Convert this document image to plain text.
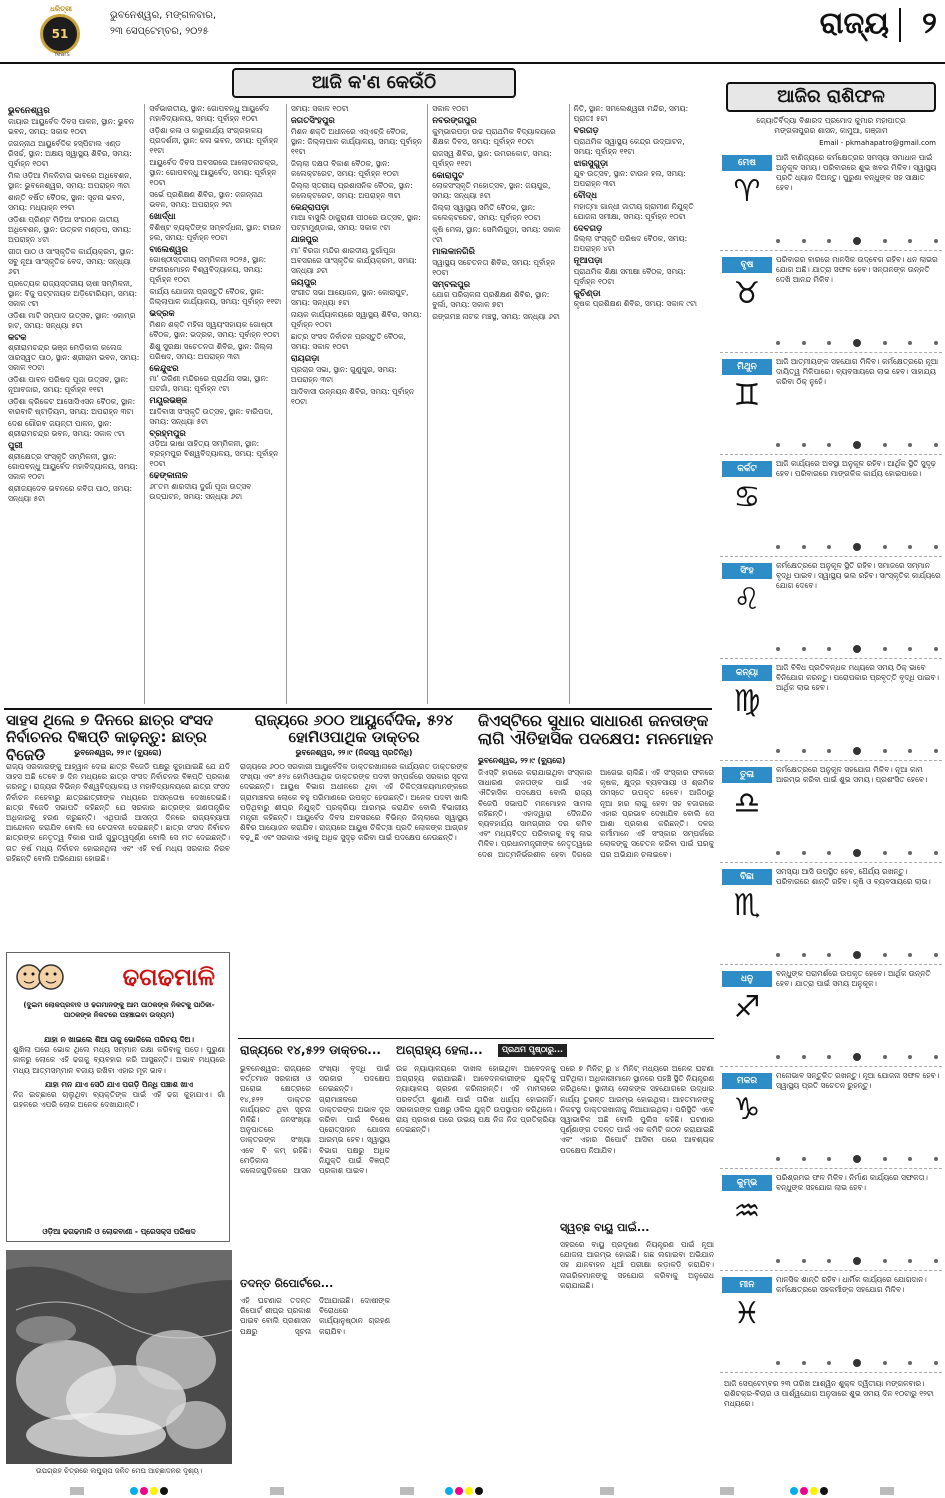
ଧରିତ୍ରୀ
51
Years
ଭୁବନେଶ୍ୱର, ମଙ୍ଗଳବାର,
୨୩ ସେପ୍ଟେମ୍ବର, ୨୦୨୫	ରାଜ୍ୟ ୨
ଆଜି କ'ଣ କେଉଁଠି
ଭୁବନେଶ୍ୱର
କାୟାର ଆୟୁର୍ବେଦ ଦିବସ ପାଳନ, ସ୍ଥାନ: ଭୁବନ ଭବନ, ସମୟ: ସକାଳ ୧୦ଟା
ଜଗନ୍ନାଥ ଆୟୁର୍ବେଦିକ ହସ୍ପିଟାଲ ଏଣ୍ଡ ରିସର୍ଚ୍ଚ, ସ୍ଥାନ: ଅକ୍ଷୟ ସ୍ୱାସ୍ଥ୍ୟ ଶିବିର, ସମୟ: ପୂର୍ବାହ୍ନ ୧୦ଟା
ମିଲ ଓଡ଼ିଆ ମିଳନିଟାଗ ଭାବରେ ଅଧିବେଶନ, ସ୍ଥାନ: ଭୁବନେଶ୍ୱର, ସମୟ: ଅପରାହ୍ନ ୩ଟା
ଶାନ୍ତି ବର୍ଷିତ ବୈଠକ, ସ୍ଥାନ: ସୂଚନା ଭବନ, ସମୟ: ମଧ୍ୟାହ୍ନ ୧୨ଟା
ଓଡ଼ିଶା ପ୍ରିଣ୍ଟ ମିଡ଼ିଆ ସଂଗଠନ ଜାତୀୟ ଅଧିବେଶନ, ସ୍ଥାନ: ଉତ୍କଳ ମଣ୍ଡପ, ସମୟ: ଅପରାହ୍ନ ୪ଟା
ଗୀତା ପାଠ ଓ ସାଂସ୍କୃତିକ କାର୍ଯ୍ୟକ୍ରମ, ସ୍ଥାନ: ସବୁ ନୂଆ ସାଂସ୍କୃତିକ ବେଦ, ସମୟ: ସନ୍ଧ୍ୟା ୬ଟା
ପ୍ରତ୍ୟେକ ରାଜ୍ୟସ୍ତରୀୟ ଚାଷୀ ସମ୍ମିଳନୀ, ସ୍ଥାନ: ବିଜୁ ପଟ୍ଟନାୟକ ଅଡ଼ିଟୋରିୟମ, ସମୟ: ସକାଳ ୯ଟା
ଓଡ଼ିଶା ମାଟି ସମ୍ପାଦ ଉତ୍ସବ, ସ୍ଥାନ: ଏକାମ୍ର ହାଟ, ସମୟ: ସନ୍ଧ୍ୟା ୫ଟା
କଟକ
ଶ୍ରୀରାମଚନ୍ଦ୍ର ଭଞ୍ଜ ମେଡ଼ିକାଲ କଲେଜ ସାରସ୍ୱତ ପାଠ, ସ୍ଥାନ: ଶ୍ରୀରାମ ଭବନ, ସମୟ: ସକାଳ ୧୦ଟା
ଓଡ଼ିଶା ପାବନ ପରିଷଦ ପୂଜା ଉତ୍ସବ, ସ୍ଥାନ: ନୂଆବଜାର, ସମୟ: ପୂର୍ବାହ୍ନ ୧୧ଟା
ଓଡ଼ିଶା କ୍ରିକେଟ ଆସୋସିଏସନ ବୈଠକ, ସ୍ଥାନ: ବାରବାଟି ଷ୍ଟାଡ଼ିୟମ, ସମୟ: ଅପରାହ୍ନ ୩ଟା
ଦେଶ ଗୌରବ ଜୟନ୍ତୀ ପାଳନ, ସ୍ଥାନ: ଶ୍ରୀରାମଚନ୍ଦ୍ର ଭବନ, ସମୟ: ସକାଳ ୯ଟା
ପୁରୀ
ଶ୍ରୀକ୍ଷେତ୍ର ସଂସ୍କୃତି ସମ୍ମିଳନୀ, ସ୍ଥାନ: ଗୋପବନ୍ଧୁ ଆୟୁର୍ବେଦ ମହାବିଦ୍ୟାଳୟ, ସମୟ: ସକାଳ ୧୦ଟା
ଶ୍ରୀଜୟଦେବ ଭବନରେ କବିତା ପାଠ, ସମୟ: ସନ୍ଧ୍ୟା ୫ଟା
ସର୍ବଭାରତୀୟ, ସ୍ଥାନ: ଗୋପବନ୍ଧୁ ଆୟୁର୍ବେଦ ମହାବିଦ୍ୟାଳୟ, ସମୟ: ପୂର୍ବାହ୍ନ ୧୦ଟା
ଓଡ଼ିଶା କଳା ଓ କାରୁକାର୍ଯ୍ୟ ସଂଗ୍ରହାଳୟ ପ୍ରଦର୍ଶନୀ, ସ୍ଥାନ: କଳା ଭବନ, ସମୟ: ପୂର୍ବାହ୍ନ ୧୧ଟା
ଆୟୁର୍ବେଦ ଦିବସ ଅବସରରେ ଆଲୋଚନାଚକ୍ର, ସ୍ଥାନ: ଗୋପବନ୍ଧୁ ଆୟୁର୍ବେଦ, ସମୟ: ପୂର୍ବାହ୍ନ ୧୦ଟା
ସର୍ଭେ ପ୍ରଶିକ୍ଷଣ ଶିବିର, ସ୍ଥାନ: ଜଗନ୍ନାଥ ଭବନ, ସମୟ: ଅପରାହ୍ନ ୨ଟା
ଖୋର୍ଦ୍ଧା
ବିଶିଷ୍ଟ ବ୍ୟକ୍ତିଙ୍କ ସମ୍ବର୍ଦ୍ଧନା, ସ୍ଥାନ: ଟାଉନ ହଲ, ସମୟ: ପୂର୍ବାହ୍ନ ୧୦ଟା
ବାଲେଶ୍ୱର
ଗୋଷ୍ଠୀସ୍ତରୀୟ ସମ୍ମିଳନୀ ୨୦୨୫, ସ୍ଥାନ: ଫକୀରମୋହନ ବିଶ୍ୱବିଦ୍ୟାଳୟ, ସମୟ: ପୂର୍ବାହ୍ନ ୧୦ଟା
କାର୍ଯ୍ୟ ଯୋଜନା ପ୍ରସ୍ତୁତି ବୈଠକ, ସ୍ଥାନ: ଜିଲ୍ଲାପାଳ କାର୍ଯ୍ୟାଳୟ, ସମୟ: ପୂର୍ବାହ୍ନ ୧୧ଟା
ଭଦ୍ରକ
ମିଶନ ଶକ୍ତି ମହିଳା ସ୍ୱୟଂସହାୟକ ଗୋଷ୍ଠୀ ବୈଠକ, ସ୍ଥାନ: ଭଦ୍ରକ, ସମୟ: ପୂର୍ବାହ୍ନ ୧୦ଟା
ଶିଶୁ ସୁରକ୍ଷା ସଚେତନତା ଶିବିର, ସ୍ଥାନ: ଜିଲ୍ଲା ପରିଷଦ, ସମୟ: ଅପରାହ୍ନ ୩ଟା
କେନ୍ଦୁଝର
ମା' ତାରିଣୀ ମନ୍ଦିରରେ ପ୍ରାର୍ଥନା ସଭା, ସ୍ଥାନ: ଘଟଗାଁ, ସମୟ: ପୂର୍ବାହ୍ନ ୯ଟା
ମୟୂରଭଞ୍ଜ
ଆଦିବାସୀ ସଂସ୍କୃତି ଉତ୍ସବ, ସ୍ଥାନ: ବାରିପଦା, ସମୟ: ସନ୍ଧ୍ୟା ୫ଟା
ବ୍ରହ୍ମପୁର
ଓଡ଼ିଆ ଭାଷା ସାହିତ୍ୟ ସମ୍ମିଳନୀ, ସ୍ଥାନ: ବ୍ରହ୍ମପୁର ବିଶ୍ୱବିଦ୍ୟାଳୟ, ସମୟ: ପୂର୍ବାହ୍ନ ୧୦ଟା
ଢେଙ୍କାନାଳ
୬୮ତମ ଶାରଦୀୟ ଦୁର୍ଗା ପୂଜା ଉତ୍ସବ ଉଦ୍‌ଘାଟନ, ସମୟ: ସନ୍ଧ୍ୟା ୬ଟା
ସମୟ: ସକାଳ ୧୦ଟା
ଜଗତସିଂହପୁର
ମିଶନ ଶକ୍ତି ଅଧୀନରେ ଏସ୍‌ଏଚ୍‌ଜି ବୈଠକ, ସ୍ଥାନ: ଜିଲ୍ଲାପାଳ କାର୍ଯ୍ୟାଳୟ, ସମୟ: ପୂର୍ବାହ୍ନ ୧୧ଟା
ଜିଲ୍ଲା ଦକ୍ଷତା ବିକାଶ ବୈଠକ, ସ୍ଥାନ: କଲେକ୍ଟରେଟ, ସମୟ: ପୂର୍ବାହ୍ନ ୧୦ଟା
ଜିଲ୍ଲା ସ୍ତରୀୟ ପ୍ରଶାସନିକ ବୈଠକ, ସ୍ଥାନ: କଲେକ୍ଟରେଟ, ସମୟ: ଅପରାହ୍ନ ୩ଟା
କେନ୍ଦ୍ରାପଡ଼ା
ମାଆ ବାସୁଲି ଠାକୁରାଣୀ ପୀଠରେ ଉତ୍ସବ, ସ୍ଥାନ: ପଟ୍ଟାମୁଣ୍ଡାଇ, ସମୟ: ସକାଳ ୯ଟା
ଯାଜପୁର
ମା' ବିରଜା ମନ୍ଦିର ଶାରଦୀୟ ଦୁର୍ଗାପୂଜା ଅବସରରେ ସାଂସ୍କୃତିକ କାର୍ଯ୍ୟକ୍ରମ, ସମୟ: ସନ୍ଧ୍ୟା ୬ଟା
ଜୟପୁର
ସଂଗୀତ ସଭା ଆୟୋଜନ, ସ୍ଥାନ: କୋରାପୁଟ, ସମୟ: ସନ୍ଧ୍ୟା ୫ଟା
ନାୟକ କାର୍ଯ୍ୟାଳୟରେ ସ୍ୱାସ୍ଥ୍ୟ ଶିବିର, ସମୟ: ପୂର୍ବାହ୍ନ ୧୦ଟା
ଛାତ୍ର ସଂସଦ ନିର୍ବାଚନ ପ୍ରସ୍ତୁତି ବୈଠକ, ସମୟ: ସକାଳ ୧୦ଟା
ରାୟଗଡ଼ା
ପ୍ରଚାର ସଭା, ସ୍ଥାନ: ଗୁଣୁପୁର, ସମୟ: ଅପରାହ୍ନ ୩ଟା
ଆଦିବାସୀ ଉନ୍ନୟନ ଶିବିର, ସମୟ: ପୂର୍ବାହ୍ନ ୧୦ଟା
ସକାଳ ୧୦ଟା
ନବରଙ୍ଗପୁର
କୁମ୍ଭାରପଡ଼ା ଉଚ୍ଚ ପ୍ରାଥମିକ ବିଦ୍ୟାଳୟରେ ଶିକ୍ଷକ ଦିବସ, ସମୟ: ପୂର୍ବାହ୍ନ ୧୦ଟା
ରାଜସ୍ୱ ଶିବିର, ସ୍ଥାନ: ଉମରକୋଟ, ସମୟ: ପୂର୍ବାହ୍ନ ୧୧ଟା
କୋରାପୁଟ
ଲୋକସଂସ୍କୃତି ମହୋତ୍ସବ, ସ୍ଥାନ: ଜୟପୁର, ସମୟ: ସନ୍ଧ୍ୟା ୫ଟା
ଜିଲ୍ଲା ସ୍ୱାସ୍ଥ୍ୟ ସମିତି ବୈଠକ, ସ୍ଥାନ: କଲେକ୍ଟରେଟ, ସମୟ: ପୂର୍ବାହ୍ନ ୧୦ଟା
କୃଷି ମେଳା, ସ୍ଥାନ: ସେମିଲିଗୁଡ଼ା, ସମୟ: ସକାଳ ୯ଟା
ମାଲକାନଗିରି
ସ୍ୱାସ୍ଥ୍ୟ ସଚେତନତା ଶିବିର, ସମୟ: ପୂର୍ବାହ୍ନ ୧୦ଟା
ସମ୍ବଲପୁର
ଯୋଗ ପରିଚାଳନା ପ୍ରଶିକ୍ଷଣ ଶିବିର, ସ୍ଥାନ: ବୁର୍ଲା, ସମୟ: ସକାଳ ୭ଟା
ରଙ୍ଗମଞ୍ଚ ନାଟକ ମଞ୍ଚସ୍ଥ, ସମୟ: ସନ୍ଧ୍ୟା ୬ଟା
ନିତି, ସ୍ଥାନ: ସମଲେଶ୍ୱରୀ ମନ୍ଦିର, ସମୟ: ପ୍ରାତଃ ୫ଟା
ବରଗଡ଼
ପ୍ରାଥମିକ ସ୍ୱାସ୍ଥ୍ୟ କେନ୍ଦ୍ର ଉଦ୍‌ଘାଟନ, ସମୟ: ପୂର୍ବାହ୍ନ ୧୧ଟା
ଝାରସୁଗୁଡ଼ା
ଯୁବ ଉତ୍ସବ, ସ୍ଥାନ: ଟାଉନ ହଲ, ସମୟ: ଅପରାହ୍ନ ୩ଟା
ବୌଦ୍ଧ
ମହାତ୍ମା ଗାନ୍ଧୀ ଜାତୀୟ ଗ୍ରାମୀଣ ନିଯୁକ୍ତି ଯୋଜନା ସମୀକ୍ଷା, ସମୟ: ପୂର୍ବାହ୍ନ ୧୦ଟା
ଦେବଗଡ଼
ଜିଲ୍ଲା ସଂସ୍କୃତି ପରିଷଦ ବୈଠକ, ସମୟ: ଅପରାହ୍ନ ୪ଟା
ନୂଆପଡ଼ା
ପ୍ରାଥମିକ ଶିକ୍ଷା ସମୀକ୍ଷା ବୈଠକ, ସମୟ: ପୂର୍ବାହ୍ନ ୧୦ଟା
କୁଚିଣ୍ଡା
କୃଷକ ପ୍ରଶିକ୍ଷଣ ଶିବିର, ସମୟ: ସକାଳ ୯ଟା
ଆଜିର ରାଶିଫଳ
ଜ୍ୟୋତିର୍ବିଦ୍ୟା ବିଶାରଦ ପ୍ରମୋଦ କୁମାର ମହାପାତ୍ର
ମଙ୍ଗଳାପୁରର ଶାସନ, କାମୁଆ, ଗଞ୍ଜାମ
Email - pkmahapatro@gmail.com
ମେଷ
♈
ଆଜି ବାଣିଜ୍ୟରେ କର୍ମକ୍ଷେତ୍ରର ସମସ୍ୟା ସମାଧାନ ପାଇଁ ଅନୁକୂଳ ସମୟ। ପରିବାରରେ ଶୁଭ ଖବର ମିଳିବ। ସ୍ୱାସ୍ଥ୍ୟ ପ୍ରତି ଧ୍ୟାନ ଦିଅନ୍ତୁ। ପୁରୁଣା ବନ୍ଧୁଙ୍କ ସହ ସାକ୍ଷାତ ହେବ।
ବୃଷ
♉
ପରିବାରର ବାରରେ ମାନସିକ ଉଦ୍‌ବେଗ ରହିବ। ଧନ ଲାଭର ଯୋଗ ଅଛି। ଯାତ୍ରା ସଫଳ ହେବ। ସନ୍ତାନଙ୍କ ଉନ୍ନତି ଦେଖି ଆନନ୍ଦ ମିଳିବ।
ମିଥୁନ
♊
ଆଜି ଆତ୍ମୀୟଙ୍କ ସହଯୋଗ ମିଳିବ। କର୍ମକ୍ଷେତ୍ରରେ ନୂଆ ଦାୟିତ୍ୱ ମିଳିପାରେ। ବ୍ୟବସାୟରେ ଲାଭ ହେବ। ସାହାଯ୍ୟ କରିବା ଠିକ୍ ନୁହେଁ।
କର୍କଟ
♋
ଆଜି କାର୍ଯ୍ୟରେ ଅବସ୍ଥା ଅନୁକୂଳ ରହିବ। ଆର୍ଥିକ ସ୍ଥିତି ସୁଦୃଢ଼ ହେବ। ପରିବାରରେ ମାଙ୍ଗଳିକ କାର୍ଯ୍ୟ ହୋଇପାରେ।
ସିଂହ
♌
କର୍ମକ୍ଷେତ୍ରରେ ଅନୁକୂଳ ସ୍ଥିତି ରହିବ। ସମାଜରେ ସମ୍ମାନ ବୃଦ୍ଧି ପାଇବ। ସ୍ୱାସ୍ଥ୍ୟ ଭଲ ରହିବ। ସାଂସ୍କୃତିକ କାର୍ଯ୍ୟରେ ଯୋଗ ଦେବେ।
କନ୍ୟା
♍
ଆଜି ବିବିଧ ପ୍ରତିବନ୍ଧକ ମଧ୍ୟରେ ସମୟ ଠିକ୍ ଭାବେ ବିନିଯୋଗ କରନ୍ତୁ। ପରୋପକାର ପ୍ରବୃତ୍ତି ବୃଦ୍ଧି ପାଇବ। ଆର୍ଥିକ ଲାଭ ହେବ।
ତୁଳା
♎
କର୍ମକ୍ଷେତ୍ରରେ ଅନୁକୂଳ ସହଯୋଗ ମିଳିବ। ନୂଆ କାମ ଆରମ୍ଭ କରିବା ପାଇଁ ଶୁଭ ସମୟ। ପ୍ରଶଂସିତ ହେବେ।
ବିଛା
♏
ସମସ୍ୟା ଆସି ଉପସ୍ଥିତ ହେବ, ଧୈର୍ଯ୍ୟ ରଖନ୍ତୁ। ପରିବାରରେ ଶାନ୍ତି ରହିବ। କୃଷି ଓ ବ୍ୟବସାୟରେ ଲାଭ।
ଧନୁ
♐
ବନ୍ଧୁଙ୍କ ପରାମର୍ଶରେ ଉପକୃତ ହେବେ। ଆର୍ଥିକ ଉନ୍ନତି ହେବ। ଯାତ୍ରା ପାଇଁ ସମୟ ଅନୁକୂଳ।
ମକର
♑
ମନୋଭାବ ସନ୍ତୁଳିତ ରଖନ୍ତୁ। ନୂଆ ଯୋଜନା ସଫଳ ହେବ। ସ୍ୱାସ୍ଥ୍ୟ ପ୍ରତି ସଚେତନ ରୁହନ୍ତୁ।
କୁମ୍ଭ
♒
ପରିଶ୍ରମର ଫଳ ମିଳିବ। ନିର୍ମାଣ କାର୍ଯ୍ୟରେ ସଫଳତା। ବନ୍ଧୁଙ୍କ ସହଯୋଗ ଲାଭ ହେବ।
ମୀନ
♓
ମାନସିକ ଶାନ୍ତି ରହିବ। ଧାର୍ମିକ କାର୍ଯ୍ୟରେ ଯୋଗଦାନ। କର୍ମକ୍ଷେତ୍ରରେ ସହକର୍ମୀଙ୍କ ସହଯୋଗ ମିଳିବ।
ଆଜି ସେପ୍ଟେମ୍ବର ୨୩ ତାରିଖ ଆଶ୍ୱିନ ଶୁକ୍ଳ ଦ୍ୱିତୀୟା ମଙ୍ଗଳବାର। ରାଶିଚକ୍ର-ବିଚାର ଓ ପାର୍ଶ୍ୱଯୋଗ ଅନୁସାରେ ଶୁଭ ସମୟ ଦିନ ୧୦ଟାରୁ ୧୨ଟା ମଧ୍ୟରେ।
ସାହସ ଥିଲେ ୭ ଦିନରେ ଛାତ୍ର ସଂସଦ ନିର୍ବାଚନର ବିଜ୍ଞପ୍ତି କାଢ଼ନ୍ତୁ: ଛାତ୍ର ବିଜେଡି	ଭୁବନେଶ୍ୱର, ୨୨।୯ (ବ୍ୟୁରୋ)
ରାଜ୍ୟ ସରକାରଙ୍କୁ ଆହ୍ୱାନ ଦେଇ ଛାତ୍ର ବିଜେଡି ପକ୍ଷରୁ କୁହାଯାଇଛି ଯେ ଯଦି ସାହସ ଅଛି ତେବେ ୭ ଦିନ ମଧ୍ୟରେ ଛାତ୍ର ସଂସଦ ନିର୍ବାଚନର ବିଜ୍ଞପ୍ତି ପ୍ରକାଶ କରନ୍ତୁ। ରାଜ୍ୟର ବିଭିନ୍ନ ବିଶ୍ୱବିଦ୍ୟାଳୟ ଓ ମହାବିଦ୍ୟାଳୟରେ ଛାତ୍ର ସଂସଦ ନିର୍ବାଚନ ନହେବାରୁ ଛାତ୍ରଛାତ୍ରୀଙ୍କ ମଧ୍ୟରେ ଅସନ୍ତୋଷ ଦେଖାଦେଇଛି। ଛାତ୍ର ବିଜେଡି ସଭାପତି କହିଛନ୍ତି ଯେ ସରକାର ଛାତ୍ରଙ୍କ ଗଣତାନ୍ତ୍ରିକ ଅଧିକାରକୁ ହରଣ କରୁଛନ୍ତି। ଏଥିପାଇଁ ଆସନ୍ତା ଦିନରେ ରାଜ୍ୟବ୍ୟାପୀ ଆନ୍ଦୋଳନ କରାଯିବ ବୋଲି ସେ ଚେତାବନୀ ଦେଇଛନ୍ତି। ଛାତ୍ର ସଂସଦ ନିର୍ବାଚନ ଛାତ୍ରଙ୍କ ନେତୃତ୍ୱ ବିକାଶ ପାଇଁ ଗୁରୁତ୍ୱପୂର୍ଣ୍ଣ ବୋଲି ସେ ମତ ଦେଇଛନ୍ତି। ଗତ ବର୍ଷ ମଧ୍ୟ ନିର୍ବାଚନ ହୋଇନଥିଲା ଏବଂ ଏହି ବର୍ଷ ମଧ୍ୟ ସରକାର ନିରବ ରହିଛନ୍ତି ବୋଲି ଅଭିଯୋଗ ହୋଇଛି।
ରାଜ୍ୟରେ ୬୦୦ ଆୟୁର୍ବେଦିକ, ୫୨୪ ହୋମିଓପାଥିକ ଡାକ୍ତର
ଭୁବନେଶ୍ୱର, ୨୨।୯ (ନିଜସ୍ୱ ପ୍ରତିନିଧି)
ରାଜ୍ୟରେ ୬୦୦ ସରକାରୀ ଆୟୁର୍ବେଦିକ ଡାକ୍ତରଖାନାରେ କାର୍ଯ୍ୟରତ ଡାକ୍ତରଙ୍କ ସଂଖ୍ୟା ଏବଂ ୫୨୪ ହୋମିଓପାଥିକ ଡାକ୍ତରଙ୍କ ପଦବୀ ସମ୍ପର୍କରେ ସରକାର ସୂଚନା ଦେଇଛନ୍ତି। ଆୟୁଷ ବିଭାଗ ଅଧୀନରେ ଥିବା ଏହି ଚିକିତ୍ସାଳୟମାନଙ୍କରେ ଗ୍ରାମାଞ୍ଚଳର ଲୋକେ ବହୁ ପରିମାଣରେ ଉପକୃତ ହେଉଛନ୍ତି। ଅନେକ ପଦବୀ ଖାଲି ପଡ଼ିଥିବାରୁ ଶୀଘ୍ର ନିଯୁକ୍ତି ପ୍ରକ୍ରିୟା ଆରମ୍ଭ କରାଯିବ ବୋଲି ବିଭାଗୀୟ ମନ୍ତ୍ରୀ କହିଛନ୍ତି। ଆୟୁର୍ବେଦ ଦିବସ ଅବସରରେ ବିଭିନ୍ନ ଜିଲ୍ଲାରେ ସ୍ୱାସ୍ଥ୍ୟ ଶିବିର ଆୟୋଜନ କରାଯିବ। ରାଜ୍ୟରେ ଆୟୁଷ ଚିକିତ୍ସା ପ୍ରତି ଲୋକଙ୍କ ଆଗ୍ରହ ବଢ଼ୁଛି ଏବଂ ସରକାର ଏହାକୁ ଅଧିକ ସୁଦୃଢ଼ କରିବା ପାଇଁ ପଦକ୍ଷେପ ନେଉଛନ୍ତି।
ଜିଏସ୍‌ଟିରେ ସୁଧାର ସାଧାରଣ ଜନତାଙ୍କ ଲାଗି ଐତିହାସିକ ପଦକ୍ଷେପ: ମନମୋହନ
ଭୁବନେଶ୍ୱର, ୨୨।୯ (ବ୍ୟୁରୋ)
ଜିଏସ୍‌ଟି ହାରରେ କରାଯାଇଥିବା ସଂସ୍କାର ସାଧାରଣ ଜନତାଙ୍କ ପାଇଁ ଏକ ଐତିହାସିକ ପଦକ୍ଷେପ ବୋଲି ରାଜ୍ୟ ବିଜେପି ସଭାପତି ମନମୋହନ ସାମଲ କହିଛନ୍ତି। ଏହାଦ୍ୱାରା ଦୈନନ୍ଦିନ ବ୍ୟବହାର୍ଯ୍ୟ ସାମଗ୍ରୀର ଦର କମିବ ଏବଂ ମଧ୍ୟବିତ୍ତ ପରିବାରକୁ ବହୁ ଲାଭ ମିଳିବ। ପ୍ରଧାନମନ୍ତ୍ରୀଙ୍କ ନେତୃତ୍ୱରେ ଦେଶ ଆତ୍ମନିର୍ଭରଶୀଳ ହେବା ଦିଗରେ ଆଗେଇ ଚାଲିଛି। ଏହି ସଂସ୍କାର ଫଳରେ କୃଷକ, କ୍ଷୁଦ୍ର ବ୍ୟବସାୟୀ ଓ ଶ୍ରମିକ ସମସ୍ତେ ଉପକୃତ ହେବେ। ଆଜିଠାରୁ ନୂଆ ହାର ଲାଗୁ ହେବା ସହ ବଜାରରେ ଏହାର ପ୍ରଭାବ ଦେଖାଯିବ ବୋଲି ସେ ଆଶା ପ୍ରକାଶ କରିଛନ୍ତି। ଦଳର କର୍ମୀମାନେ ଏହି ସଂସ୍କାର ସମ୍ପର୍କରେ ଲୋକଙ୍କୁ ସଚେତନ କରିବା ପାଇଁ ଘରକୁ ଘର ଅଭିଯାନ ଚଳାଇବେ।
ଢଗଢମାଳି
(ଦୁଇମ ଲୋକପ୍ରବାଦ ଓ ଢଗମାନଙ୍କୁ ଆମ ପାଠକଙ୍କ ନିକଟକୁ ପାଠିକା-ପାଠକଙ୍କ ନିକଟରେ ପହଞ୍ଚାଇବା ଉଦ୍ୟମ)
ଯାହା ନ ଖାଇଲେ ଶିଆ ତାକୁ ଭୋକିଲେ ପରିଚୟ ଦିଅ।
ଶୁଖିଲା ଘରେ ଭୋକ ଥିଲେ ମଧ୍ୟ ସମ୍ମାନ ରକ୍ଷା କରିବାକୁ ପଡ଼େ। ପୁରୁଣା କାଳରୁ ଲୋକେ ଏହି ଢଗକୁ ବ୍ୟବହାର କରି ଆସୁଛନ୍ତି। ଅଭାବ ମଧ୍ୟରେ ମଧ୍ୟ ଆତ୍ମସମ୍ମାନ ବଜାୟ ରଖିବା ଏହାର ମୂଳ ଭାବ।
ଯାହା ମନ ଯାଏ ସେଠି ଯାଏ ପଗଡ଼ି ପିନ୍ଧି ପଞ୍ଚାଶ ଖାଏ
ନିଜ ଇଚ୍ଛାରେ ଚାଲୁଥିବା ବ୍ୟକ୍ତିଙ୍କ ପାଇଁ ଏହି ଢଗ କୁହାଯାଏ। ଗାଁ ଗହଳରେ ଏପରି ଲୋକ ଅନେକ ଦେଖାଯାନ୍ତି।
ଓଡ଼ିଆ ଢଗଢମାଳି ଓ ଲୋକବାଣୀ - ପ୍ରେସକ୍ସ ପରିଷଦ
ଉପଗ୍ରହ ଚିତ୍ରରେ ଲଘୁଚାପ ଜନିତ ମେଘ ଆଚ୍ଛାଦନର ଦୃଶ୍ୟ।
ରାଜ୍ୟରେ ୧୪,୫୨୨ ଡାକ୍ତର...
ଭୁବନେଶ୍ୱର: ରାଜ୍ୟରେ ବର୍ତ୍ତମାନ ସରକାରୀ ଓ ଘରୋଇ କ୍ଷେତ୍ରରେ ୧୪,୫୨୨ ଡାକ୍ତର କାର୍ଯ୍ୟରତ ଥିବା ସୂଚନା ମିଳିଛି। ଜନସଂଖ୍ୟା ଅନୁପାତରେ ଡାକ୍ତରଙ୍କ ସଂଖ୍ୟା ଏବେ ବି କମ୍ ରହିଛି। ମେଡ଼ିକାଲ କଲେଜଗୁଡ଼ିକରେ ଆସନ ସଂଖ୍ୟା ବୃଦ୍ଧି ପାଇଁ ସରକାର ପଦକ୍ଷେପ ନେଇଛନ୍ତି। ଗ୍ରାମାଞ୍ଚଳରେ ଡାକ୍ତରଙ୍କ ଅଭାବ ଦୂର କରିବା ପାଇଁ ବିଶେଷ ପ୍ରୋତ୍ସାହନ ଯୋଜନା ଆରମ୍ଭ ହେବ। ସ୍ୱାସ୍ଥ୍ୟ ବିଭାଗ ପକ୍ଷରୁ ଅଧିକ ନିଯୁକ୍ତି ପାଇଁ ବିଜ୍ଞପ୍ତି ପ୍ରକାଶ ପାଇବ।
ତଦନ୍ତ ରିପୋର୍ଟରେ...
ଏହି ଘଟଣାର ତଦନ୍ତ ରିପୋର୍ଟ ଶୀଘ୍ର ପ୍ରକାଶ ପାଇବ ବୋଲି ପ୍ରଶାସନ ପକ୍ଷରୁ ସୂଚନା ଦିଆଯାଇଛି। ଦୋଷୀଙ୍କ ବିରୋଧରେ କାର୍ଯ୍ୟାନୁଷ୍ଠାନ ଗ୍ରହଣ କରାଯିବ।
ଅଗ୍ରାହ୍ୟ ହେଲା...	ପ୍ରଥମ ପୃଷ୍ଠାରୁ...
ଉଚ୍ଚ ନ୍ୟାୟାଳୟରେ ଦାଖଲ ହୋଇଥିବା ଆବେଦନକୁ ଅଗ୍ରାହ୍ୟ କରାଯାଇଛି। ଆବେଦନକାରୀଙ୍କ ଯୁକ୍ତିକୁ ନ୍ୟାୟାଳୟ ଗ୍ରହଣ କରିନାହାନ୍ତି। ଏହି ମାମଲାରେ ପରବର୍ତ୍ତୀ ଶୁଣାଣି ପାଇଁ ତାରିଖ ଧାର୍ଯ୍ୟ ହୋଇନାହିଁ। ସରକାରଙ୍କ ପକ୍ଷରୁ ଓକିଲ ଯୁକ୍ତି ଉପସ୍ଥାପନ କରିଥିଲେ। ରାୟ ପ୍ରକାଶ ପରେ ଉଭୟ ପକ୍ଷ ନିଜ ନିଜ ପ୍ରତିକ୍ରିୟା ଦେଇଛନ୍ତି।
ସ୍ୱଚ୍ଛ ବାୟୁ ପାଇଁ...
ସହରରେ ବାୟୁ ପ୍ରଦୂଷଣ ନିୟନ୍ତ୍ରଣ ପାଇଁ ନୂଆ ଯୋଜନା ଆରମ୍ଭ ହୋଇଛି। ଗଛ ଲଗାଇବା ଅଭିଯାନ ସହ ଯାନବାହନ ଧୂଆଁ ପରୀକ୍ଷା କଡ଼ାକଡ଼ି କରାଯିବ। ନାଗରିକମାନଙ୍କୁ ସହଯୋଗ କରିବାକୁ ଅନୁରୋଧ କରାଯାଇଛି।
ପରେ ୭ ମିନିଟ୍ ରୁ ୪ ମିନିଟ୍ ମଧ୍ୟରେ ଅନେକ ଘଟଣା ଘଟିଥିଲା। ଅଧିକାରୀମାନେ ସ୍ଥାନରେ ପହଞ୍ଚି ସ୍ଥିତି ନିୟନ୍ତ୍ରଣ କରିଥିଲେ। ସ୍ଥାନୀୟ ଲୋକଙ୍କ ସହଯୋଗରେ ଉଦ୍ଧାର କାର୍ଯ୍ୟ ତୁରନ୍ତ ଆରମ୍ଭ ହୋଇଥିଲା। ଆହତମାନଙ୍କୁ ନିକଟସ୍ଥ ଡାକ୍ତରଖାନାକୁ ନିଆଯାଇଥିଲା। ପରିସ୍ଥିତି ଏବେ ସ୍ୱାଭାବିକ ଅଛି ବୋଲି ପୁଲିସ କହିଛି। ଘଟଣାର ପୂର୍ଣ୍ଣାଙ୍ଗ ତଦନ୍ତ ପାଇଁ ଏକ କମିଟି ଗଠନ କରାଯାଇଛି ଏବଂ ଏହାର ରିପୋର୍ଟ ଆସିବା ପରେ ଆବଶ୍ୟକ ପଦକ୍ଷେପ ନିଆଯିବ।
